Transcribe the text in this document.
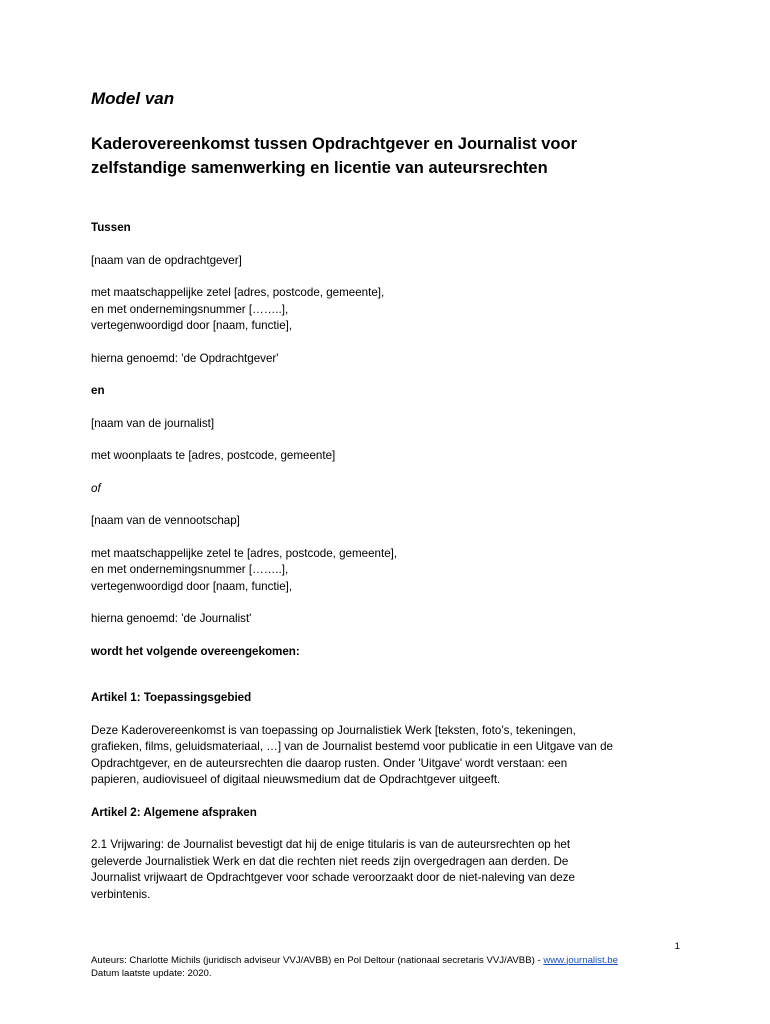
Model van
Kaderovereenkomst tussen Opdrachtgever en Journalist voor
zelfstandige samenwerking en licentie van auteursrechten
Tussen
[naam van de opdrachtgever]
met maatschappelijke zetel [adres, postcode, gemeente],
en met ondernemingsnummer [……..],
vertegenwoordigd door [naam, functie],
hierna genoemd: 'de Opdrachtgever'
en
[naam van de journalist]
met woonplaats te [adres, postcode, gemeente]
of
[naam van de vennootschap]
met maatschappelijke zetel te [adres, postcode, gemeente],
en met ondernemingsnummer [……..],
vertegenwoordigd door [naam, functie],
hierna genoemd: 'de Journalist'
wordt het volgende overeengekomen:
Artikel 1: Toepassingsgebied
Deze Kaderovereenkomst is van toepassing op Journalistiek Werk [teksten, foto’s, tekeningen,
grafieken, films, geluidsmateriaal, …] van de Journalist bestemd voor publicatie in een Uitgave van de
Opdrachtgever, en de auteursrechten die daarop rusten. Onder 'Uitgave' wordt verstaan: een
papieren, audiovisueel of digitaal nieuwsmedium dat de Opdrachtgever uitgeeft.
Artikel 2: Algemene afspraken
2.1 Vrijwaring: de Journalist bevestigt dat hij de enige titularis is van de auteursrechten op het
geleverde Journalistiek Werk en dat die rechten niet reeds zijn overgedragen aan derden. De
Journalist vrijwaart de Opdrachtgever voor schade veroorzaakt door de niet-naleving van deze
verbintenis.
1
Auteurs: Charlotte Michils (juridisch adviseur VVJ/AVBB) en Pol Deltour (nationaal secretaris VVJ/AVBB) - www.journalist.be
Datum laatste update: 2020.
